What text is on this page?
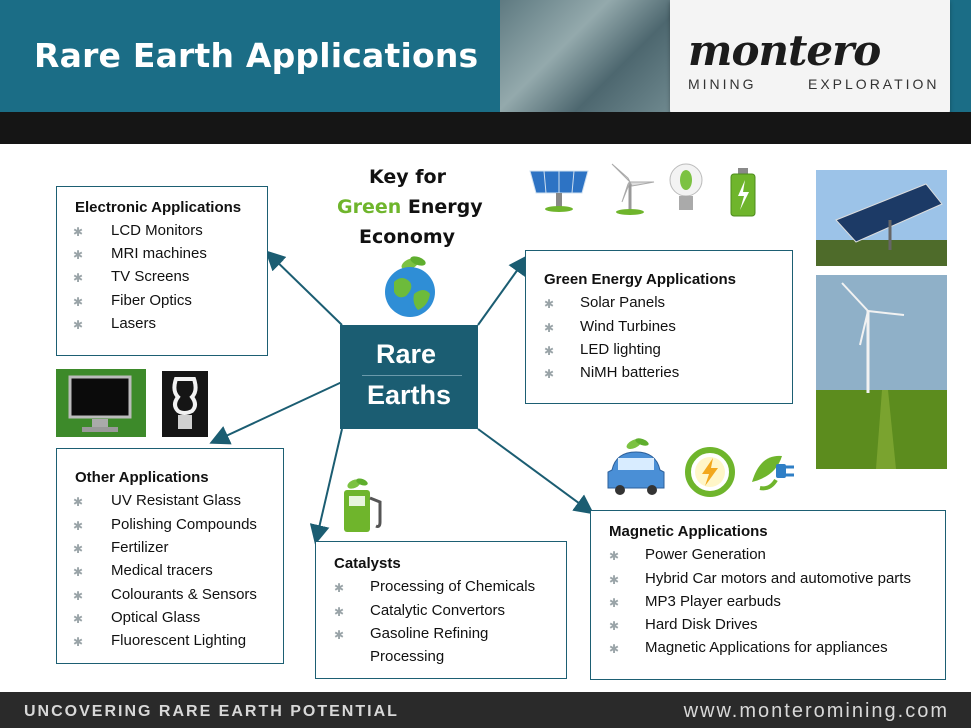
Rare Earth Applications	montero
MINING	EXPLORATION
Key for
Green Energy
Economy
Rare
Earths
Electronic Applications
✱ LCD Monitors
✱ MRI machines
✱ TV Screens
✱ Fiber Optics
✱ Lasers
Green Energy Applications
✱ Solar Panels
✱ Wind Turbines
✱ LED lighting
✱ NiMH batteries
Other Applications
✱ UV Resistant Glass
✱ Polishing Compounds
✱ Fertilizer
✱ Medical tracers
✱ Colourants & Sensors
✱ Optical Glass
✱ Fluorescent Lighting
Catalysts
✱ Processing of Chemicals
✱ Catalytic Convertors
✱ Gasoline Refining
Processing
Magnetic Applications
✱ Power Generation
✱ Hybrid Car motors and automotive parts
✱ MP3 Player earbuds
✱ Hard Disk Drives
✱ Magnetic Applications for appliances
UNCOVERING RARE EARTH POTENTIAL	www.monteromining.com
